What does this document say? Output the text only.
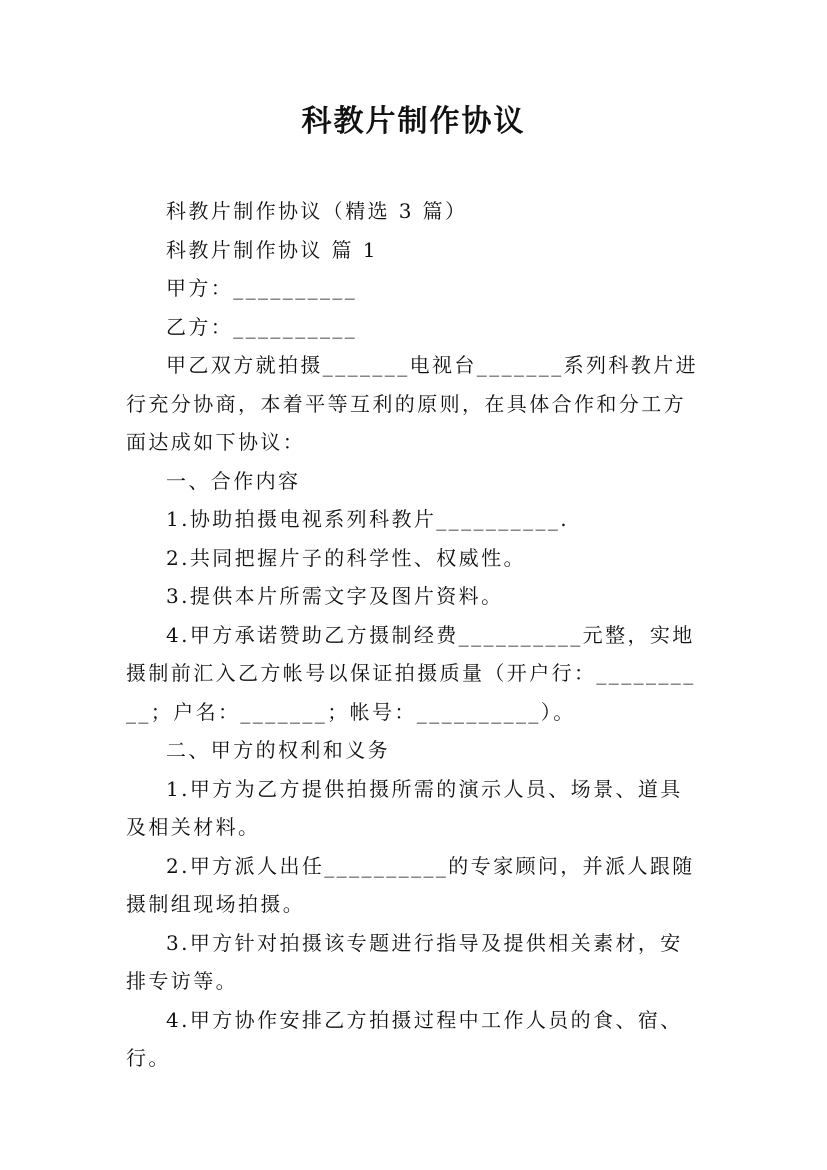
科教片制作协议

科教片制作协议（精选 3 篇）

科教片制作协议 篇 1

甲方：__________

乙方：__________

甲乙双方就拍摄_______电视台_______系列科教片进行充分协商，本着平等互利的原则，在具体合作和分工方面达成如下协议：

一、合作内容

1.协助拍摄电视系列科教片__________.

2.共同把握片子的科学性、权威性。

3.提供本片所需文字及图片资料。

4.甲方承诺赞助乙方摄制经费__________元整，实地摄制前汇入乙方帐号以保证拍摄质量（开户行：__________；户名：_______；帐号：__________）。

二、甲方的权利和义务

1.甲方为乙方提供拍摄所需的演示人员、场景、道具及相关材料。

2.甲方派人出任__________的专家顾问，并派人跟随摄制组现场拍摄。

3.甲方针对拍摄该专题进行指导及提供相关素材，安排专访等。

4.甲方协作安排乙方拍摄过程中工作人员的食、宿、行。
